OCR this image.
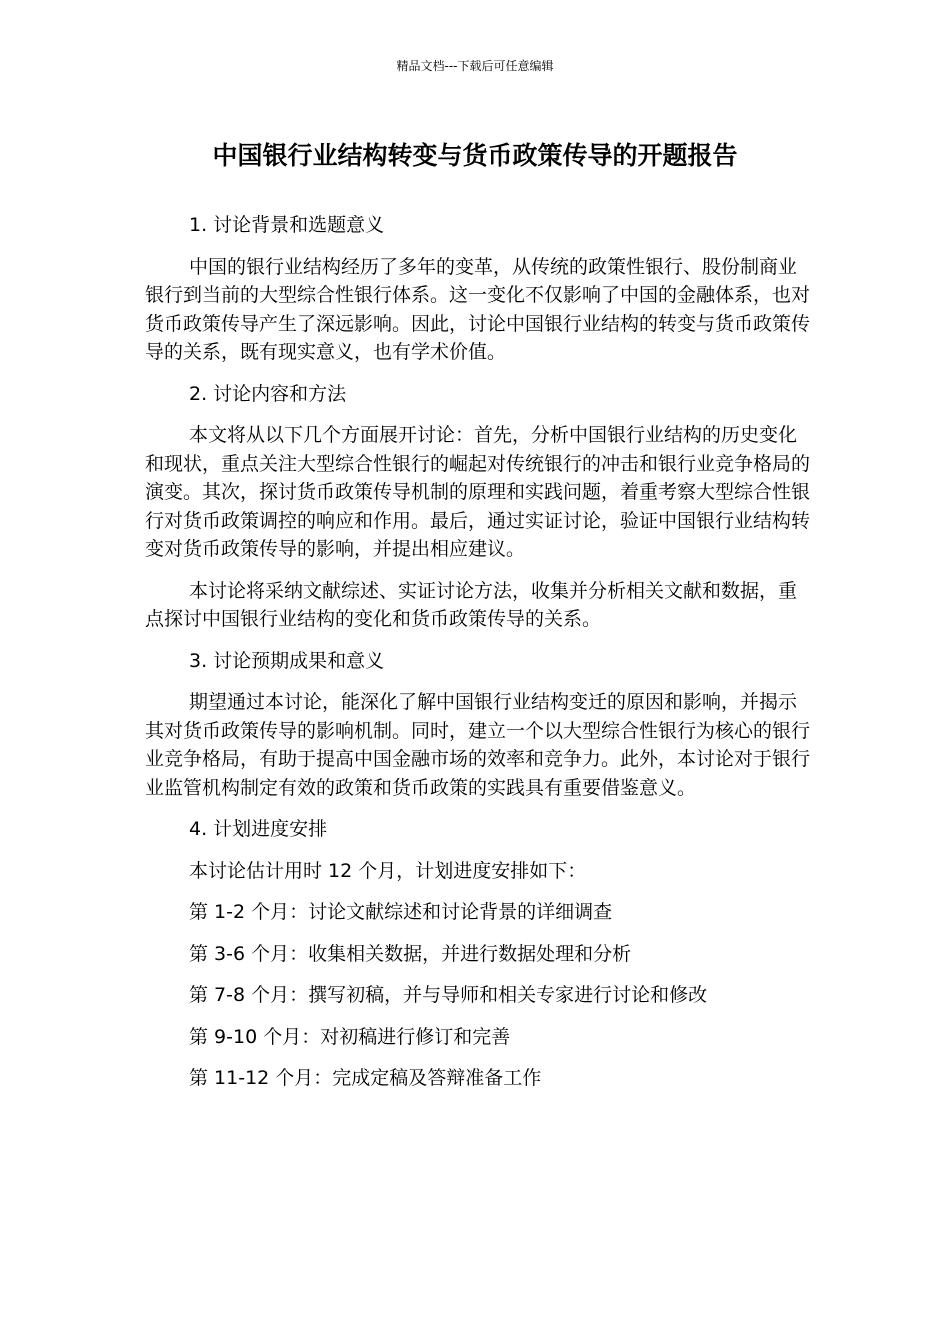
精品文档---下载后可任意编辑
中国银行业结构转变与货币政策传导的开题报告

1. 讨论背景和选题意义

中国的银行业结构经历了多年的变革，从传统的政策性银行、股份制商业银行到当前的大型综合性银行体系。这一变化不仅影响了中国的金融体系，也对货币政策传导产生了深远影响。因此，讨论中国银行业结构的转变与货币政策传导的关系，既有现实意义，也有学术价值。

2. 讨论内容和方法

本文将从以下几个方面展开讨论：首先，分析中国银行业结构的历史变化和现状，重点关注大型综合性银行的崛起对传统银行的冲击和银行业竞争格局的演变。其次，探讨货币政策传导机制的原理和实践问题，着重考察大型综合性银行对货币政策调控的响应和作用。最后，通过实证讨论，验证中国银行业结构转变对货币政策传导的影响，并提出相应建议。

本讨论将采纳文献综述、实证讨论方法，收集并分析相关文献和数据，重点探讨中国银行业结构的变化和货币政策传导的关系。

3. 讨论预期成果和意义

期望通过本讨论，能深化了解中国银行业结构变迁的原因和影响，并揭示其对货币政策传导的影响机制。同时，建立一个以大型综合性银行为核心的银行业竞争格局，有助于提高中国金融市场的效率和竞争力。此外，本讨论对于银行业监管机构制定有效的政策和货币政策的实践具有重要借鉴意义。

4. 计划进度安排

本讨论估计用时 12 个月，计划进度安排如下：

第 1-2 个月：讨论文献综述和讨论背景的详细调查

第 3-6 个月：收集相关数据，并进行数据处理和分析

第 7-8 个月：撰写初稿，并与导师和相关专家进行讨论和修改

第 9-10 个月：对初稿进行修订和完善

第 11-12 个月：完成定稿及答辩准备工作
